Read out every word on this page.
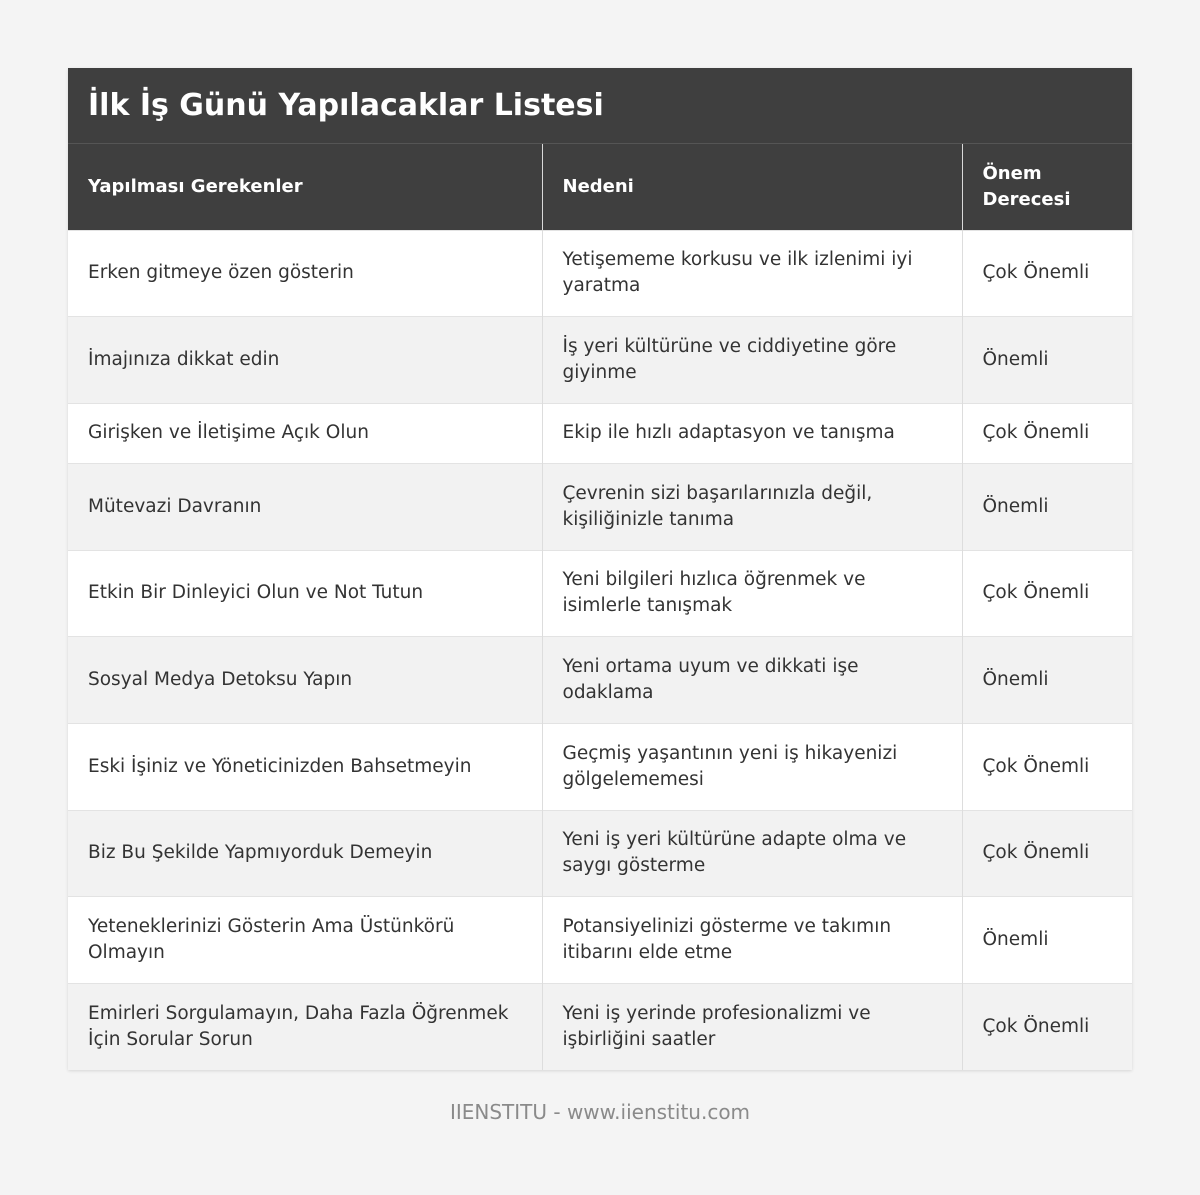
İlk İş Günü Yapılacaklar Listesi
Yapılması Gerekenler	Nedeni	Önem Derecesi
Erken gitmeye özen gösterin	Yetişememe korkusu ve ilk izlenimi iyi yaratma	Çok Önemli
İmajınıza dikkat edin	İş yeri kültürüne ve ciddiyetine göre giyinme	Önemli
Girişken ve İletişime Açık Olun	Ekip ile hızlı adaptasyon ve tanışma	Çok Önemli
Mütevazi Davranın	Çevrenin sizi başarılarınızla değil, kişiliğinizle tanıma	Önemli
Etkin Bir Dinleyici Olun ve Not Tutun	Yeni bilgileri hızlıca öğrenmek ve isimlerle tanışmak	Çok Önemli
Sosyal Medya Detoksu Yapın	Yeni ortama uyum ve dikkati işe odaklama	Önemli
Eski İşiniz ve Yöneticinizden Bahsetmeyin	Geçmiş yaşantının yeni iş hikayenizi gölgelememesi	Çok Önemli
Biz Bu Şekilde Yapmıyorduk Demeyin	Yeni iş yeri kültürüne adapte olma ve saygı gösterme	Çok Önemli
Yeteneklerinizi Gösterin Ama Üstünkörü Olmayın	Potansiyelinizi gösterme ve takımın itibarını elde etme	Önemli
Emirleri Sorgulamayın, Daha Fazla Öğrenmek İçin Sorular Sorun	Yeni iş yerinde profesionalizmi ve işbirliğini saatler	Çok Önemli
IIENSTITU - www.iienstitu.com
